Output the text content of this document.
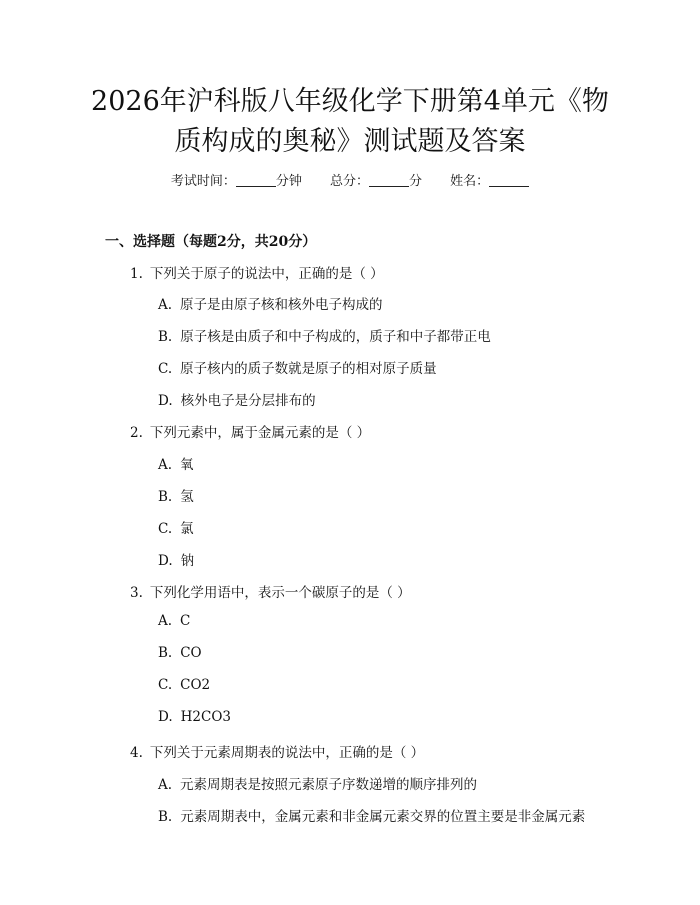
2026年沪科版八年级化学下册第4单元《物
质构成的奥秘》测试题及答案
考试时间：	分钟 总分：	分 姓名：
一、选择题（每题2分，共20分）
1. 下列关于原子的说法中，正确的是（ ）
A. 原子是由原子核和核外电子构成的
B. 原子核是由质子和中子构成的，质子和中子都带正电
C. 原子核内的质子数就是原子的相对原子质量
D. 核外电子是分层排布的
2. 下列元素中，属于金属元素的是（ ）
A. 氧
B. 氢
C. 氯
D. 钠
3. 下列化学用语中，表示一个碳原子的是（ ）
A. C
B. CO
C. CO2
D. H2CO3
4. 下列关于元素周期表的说法中，正确的是（ ）
A. 元素周期表是按照元素原子序数递增的顺序排列的
B. 元素周期表中，金属元素和非金属元素交界的位置主要是非金属元素
